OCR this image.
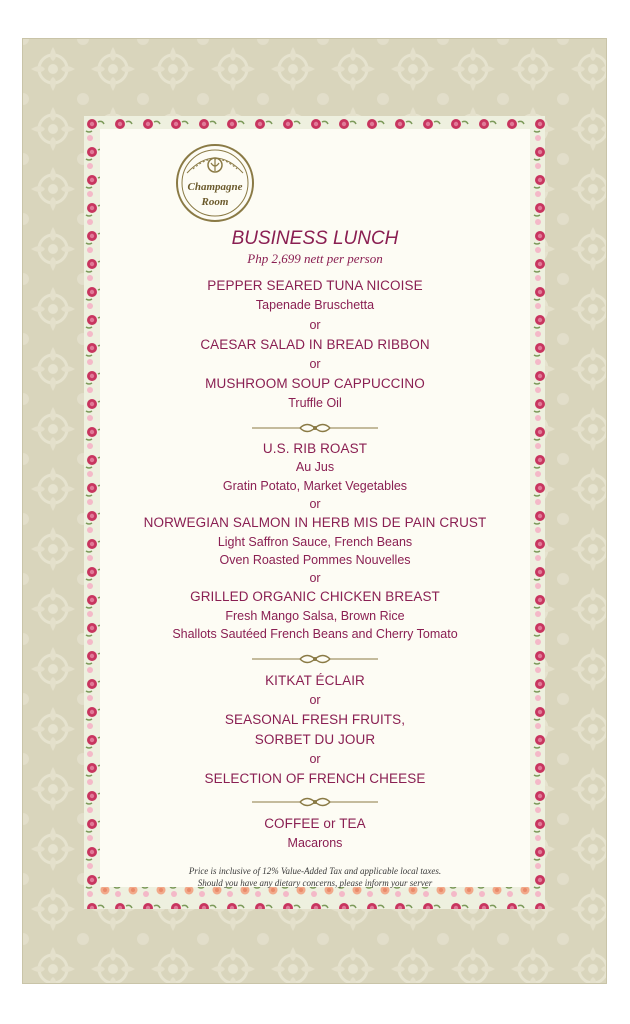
Champagne
Room
BUSINESS LUNCH
Php 2,699 nett per person
PEPPER SEARED TUNA NICOISE
Tapenade Bruschetta
or
CAESAR SALAD IN BREAD RIBBON
or
MUSHROOM SOUP CAPPUCCINO
Truffle Oil
U.S. RIB ROAST
Au Jus
Gratin Potato, Market Vegetables
or
NORWEGIAN SALMON IN HERB MIS DE PAIN CRUST
Light Saffron Sauce, French Beans
Oven Roasted Pommes Nouvelles
or
GRILLED ORGANIC CHICKEN BREAST
Fresh Mango Salsa, Brown Rice
Shallots Sautéed French Beans and Cherry Tomato
KITKAT ÉCLAIR
or
SEASONAL FRESH FRUITS,
SORBET DU JOUR
or
SELECTION OF FRENCH CHEESE
COFFEE or TEA
Macarons
Price is inclusive of 12% Value-Added Tax and applicable local taxes.
Should you have any dietary concerns, please inform your server
